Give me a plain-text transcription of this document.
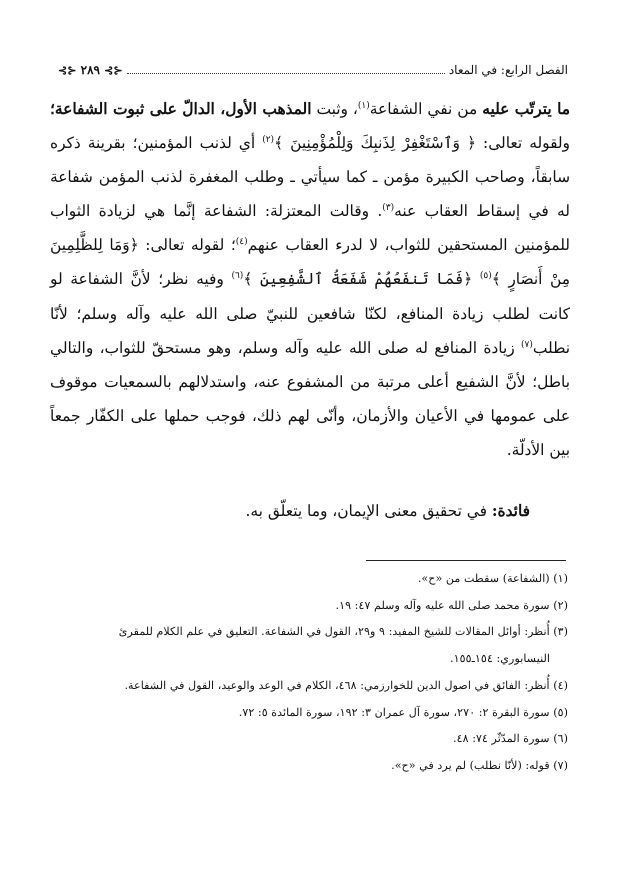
الفصل الرابع: في المعاد
⊰⊱ ٢٨٩ ⊰⊱

ما يترتّب عليه من نفي الشفاعة$^{(١)}$، وثبت المذهب الأول، الدالّ على ثبوت الشفاعة؛ ولقوله تعالى: ﴿ وَٱسْتَغْفِرْ لِذَنبِكَ وَلِلْمُؤْمِنِينَ ﴾$^{(٢)}$ أي لذنب المؤمنين؛ بقرينة ذكره سابقاً، وصاحب الكبيرة مؤمن ـ كما سيأتي ـ وطلب المغفرة لذنب المؤمن شفاعة له في إسقاط العقاب عنه$^{(٣)}$. وقالت المعتزلة: الشفاعة إنَّما هي لزيادة الثواب للمؤمنين المستحقين للثواب، لا لدرء العقاب عنهم$^{(٤)}$؛ لقوله تعالى: ﴿وَمَا لِلظَّلِمِينَ مِنْ أَنصَارٍ ﴾$^{(٥)}$ ﴿فَمَا تَنفَعُهُمْ شَفَعَةُ ٱلشَّفِعِينَ ﴾$^{(٦)}$ وفيه نظر؛ لأنَّ الشفاعة لو كانت لطلب زيادة المنافع، لكنّا شافعين للنبيّ صلى الله عليه وآله وسلم؛ لأنّا نطلب$^{(٧)}$ زيادة المنافع له صلى الله عليه وآله وسلم، وهو مستحقّ للثواب، والتالي باطل؛ لأنَّ الشفيع أعلى مرتبة من المشفوع عنه، واستدلالهم بالسمعيات موقوف على عمومها في الأعيان والأزمان، وأنّى لهم ذلك، فوجب حملها على الكفّار جمعاً بين الأدلّة.

فائدة: في تحقيق معنى الإيمان، وما يتعلّق به.

(١) (الشفاعة) سقطت من «ح».

(٢) سورة محمد صلى الله عليه وآله وسلم ٤٧: ١٩.

(٣) أُنظر: أوائل المقالات للشيخ المفيد: ٩ و٢٩، القول في الشفاعة. التعليق في علم الكلام للمقرئ
النيسابوري: ١٥٤ـ١٥٥.

(٤) أُنظر: الفائق في اصول الدين للخوارزمي: ٤٦٨، الكلام في الوعد والوعيد، القول في الشفاعة.

(٥) سورة البقرة ٢: ٢٧٠، سورة آل عمران ٣: ١٩٢، سورة المائدة ٥: ٧٢.

(٦) سورة المدّثّر ٧٤: ٤٨.

(٧) قوله: (لأنّا نطلب) لم يرد في «ح».
